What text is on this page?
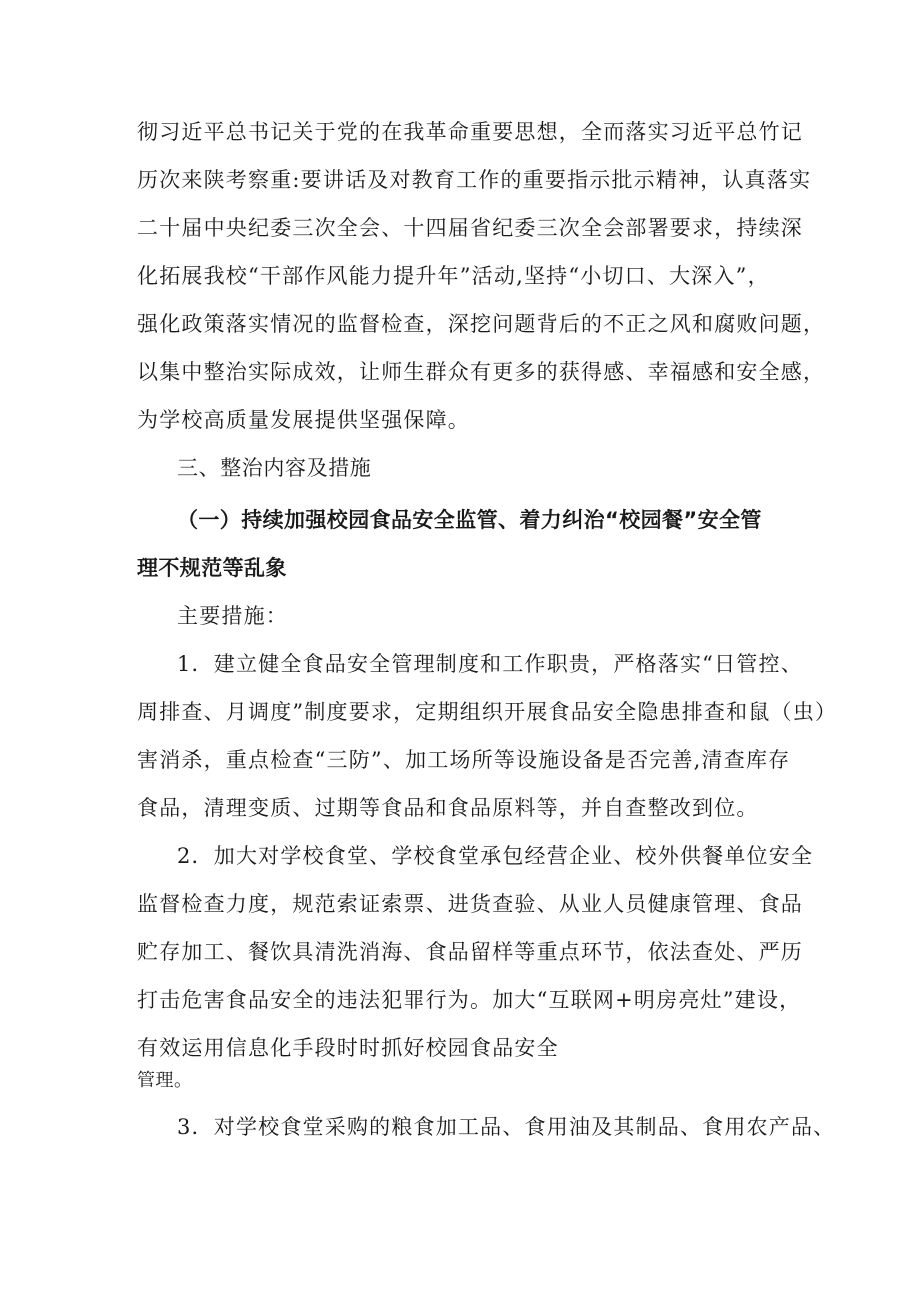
彻习近平总书记关于党的在我革命重要思想，全而落实习近平总竹记
历次来陕考察重:要讲话及对教育工作的重要指示批示精神，认真落实
二十届中央纪委三次全会、十四届省纪委三次全会部署要求，持续深
化拓展我校“干部作风能力提升年”活动,坚持“小切口、大深入”，
强化政策落实情况的监督检查，深挖问题背后的不正之风和腐败问题，
以集中整治实际成效，让师生群众有更多的获得感、幸福感和安全感，
为学校高质量发展提供坚强保障。
三、整治内容及措施
（一）持续加强校园食品安全监管、着力纠治“校园餐”安全管
理不规范等乱象
主要措施：
1．建立健全食品安全管理制度和工作职贵，严格落实“日管控、
周排查、月调度”制度要求，定期组织开展食品安全隐患排查和鼠（虫）
害消杀，重点检查“三防”、加工场所等设施设备是否完善,清查库存
食品，清理变质、过期等食品和食品原料等，并自查整改到位。
2．加大对学校食堂、学校食堂承包经营企业、校外供餐单位安全
监督检查力度，规范索证索票、进货查验、从业人员健康管理、食品
贮存加工、餐饮具清洗消海、食品留样等重点环节，依法查处、严历
打击危害食品安全的违法犯罪行为。加大“互联网+明房亮灶”建设，
有效运用信息化手段时时抓好校园食品安全
管理。
3．对学校食堂采购的粮食加工品、食用油及其制品、食用农产品、
